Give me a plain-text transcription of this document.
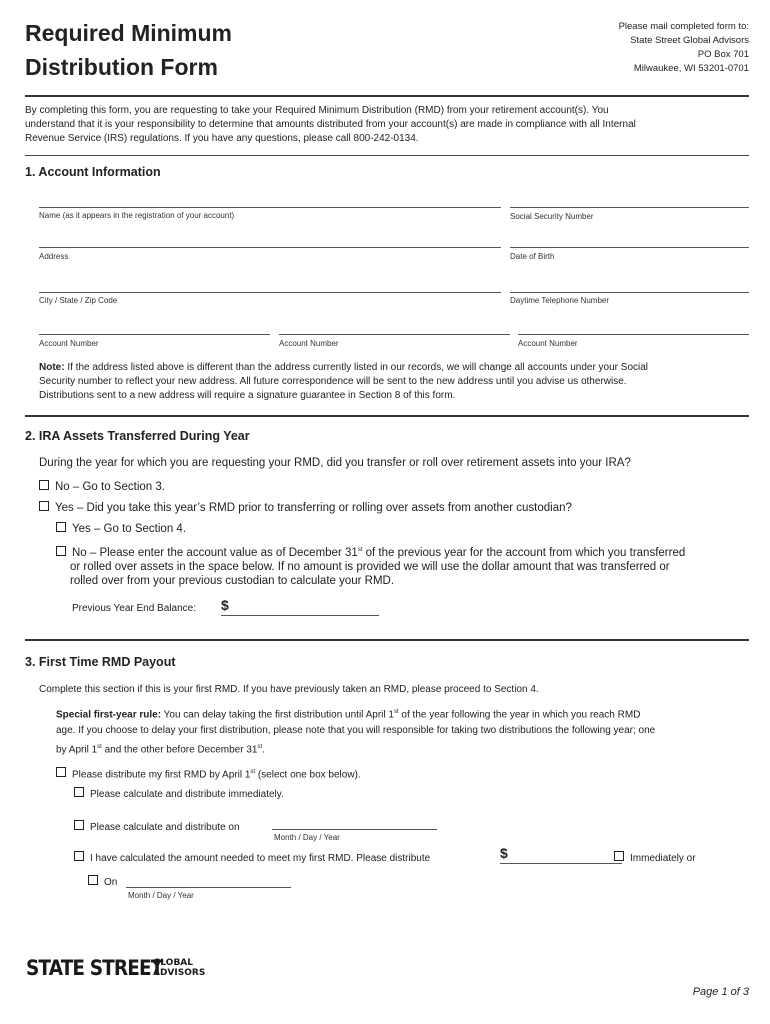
Required Minimum
Distribution Form
Please mail completed form to:
State Street Global Advisors
PO Box 701
Milwaukee, WI 53201-0701
By completing this form, you are requesting to take your Required Minimum Distribution (RMD) from your retirement account(s). You
understand that it is your responsibility to determine that amounts distributed from your account(s) are made in compliance with all Internal
Revenue Service (IRS) regulations. If you have any questions, please call 800-242-0134.
1. Account Information
Name (as it appears in the registration of your account)	Social Security Number
Address	Date of Birth
City / State / Zip Code	Daytime Telephone Number
Account Number	Account Number	Account Number
Note: If the address listed above is different than the address currently listed in our records, we will change all accounts under your Social
Security number to reflect your new address. All future correspondence will be sent to the new address until you advise us otherwise.
Distributions sent to a new address will require a signature guarantee in Section 8 of this form.
2. IRA Assets Transferred During Year
During the year for which you are requesting your RMD, did you transfer or roll over retirement assets into your IRA?
No – Go to Section 3.
Yes – Did you take this year’s RMD prior to transferring or rolling over assets from another custodian?
Yes – Go to Section 4.
No – Please enter the account value as of December 31st of the previous year for the account from which you transferred
or rolled over assets in the space below. If no amount is provided we will use the dollar amount that was transferred or
rolled over from your previous custodian to calculate your RMD.
Previous Year End Balance: $
3. First Time RMD Payout
Complete this section if this is your first RMD. If you have previously taken an RMD, please proceed to Section 4.
Special first-year rule: You can delay taking the first distribution until April 1st of the year following the year in which you reach RMD
age. If you choose to delay your first distribution, please note that you will responsible for taking two distributions the following year; one
by April 1st and the other before December 31st.
Please distribute my first RMD by April 1st (select one box below).
Please calculate and distribute immediately.
Please calculate and distribute on
Month / Day / Year
I have calculated the amount needed to meet my first RMD. Please distribute	$	Immediately or
On
Month / Day / Year
STATE STREET
GLOBAL
ADVISORS
Page 1 of 3
